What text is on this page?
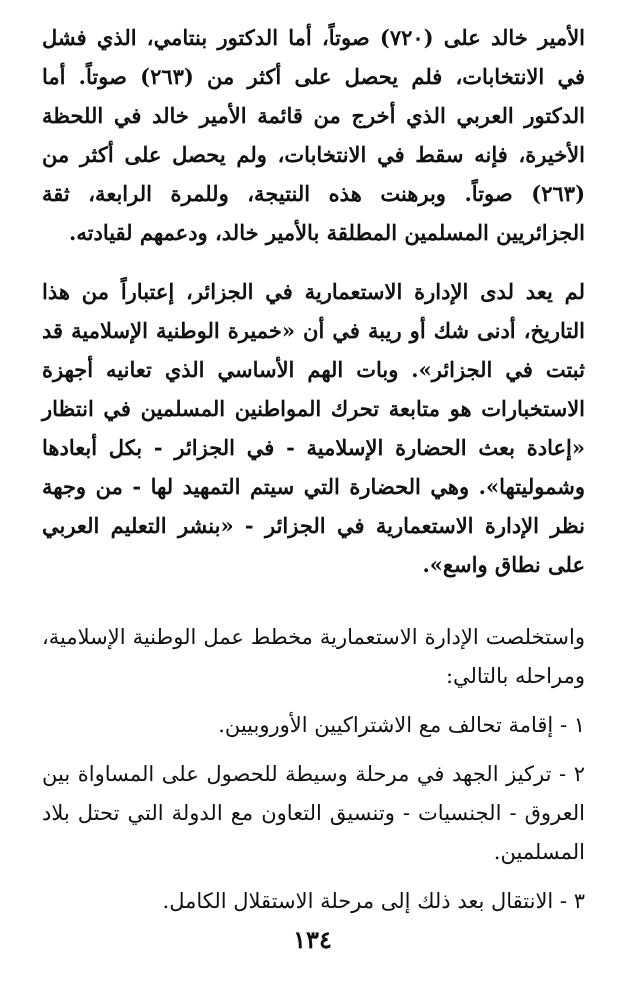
الأمير خالد على (٧٢٠) صوتاً، أما الدكتور بنتامي، الذي فشل في الانتخابات، فلم يحصل على أكثر من (٢٦٣) صوتاً. أما الدكتور العربي الذي أخرج من قائمة الأمير خالد في اللحظة الأخيرة، فإنه سقط في الانتخابات، ولم يحصل على أكثر من (٢٦٣) صوتاً. وبرهنت هذه النتيجة، وللمرة الرابعة، ثقة الجزائريين المسلمين المطلقة بالأمير خالد، ودعمهم لقيادته.

لم يعد لدى الإدارة الاستعمارية في الجزائر، إعتباراً من هذا التاريخ، أدنى شك أو ريبة في أن «خميرة الوطنية الإسلامية قد ثبتت في الجزائر». وبات الهم الأساسي الذي تعانيه أجهزة الاستخبارات هو متابعة تحرك المواطنين المسلمين في انتظار «إعادة بعث الحضارة الإسلامية - في الجزائر - بكل أبعادها وشموليتها». وهي الحضارة التي سيتم التمهيد لها - من وجهة نظر الإدارة الاستعمارية في الجزائر - «بنشر التعليم العربي على نطاق واسع».

واستخلصت الإدارة الاستعمارية مخطط عمل الوطنية الإسلامية، ومراحله بالتالي:

١ - إقامة تحالف مع الاشتراكيين الأوروبيين.

٢ - تركيز الجهد في مرحلة وسيطة للحصول على المساواة بين العروق - الجنسيات - وتنسيق التعاون مع الدولة التي تحتل بلاد المسلمين.

٣ - الانتقال بعد ذلك إلى مرحلة الاستقلال الكامل.

١٣٤
